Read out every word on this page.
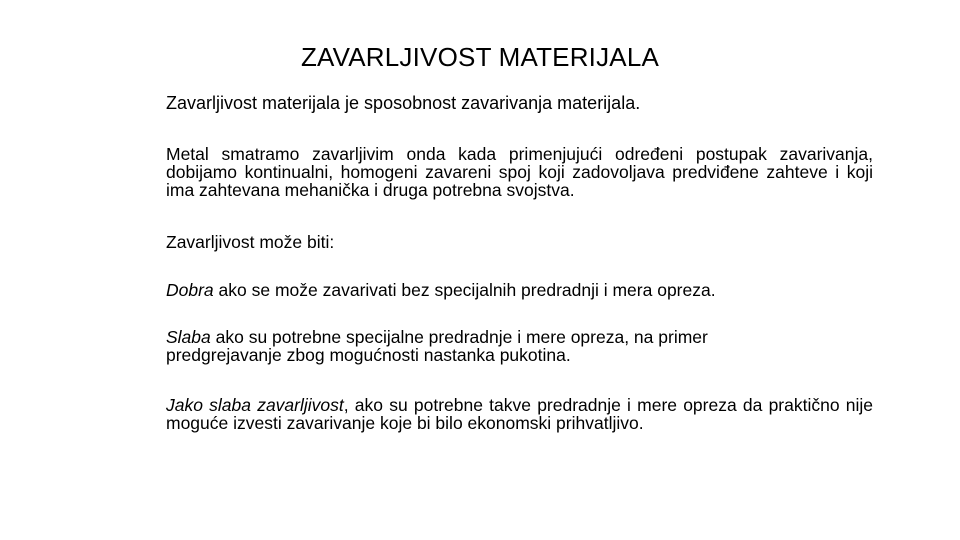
ZAVARLJIVOST MATERIJALA

Zavarljivost materijala je sposobnost zavarivanja materijala.

Metal smatramo zavarljivim onda kada primenjujući određeni postupak zavarivanja, dobijamo kontinualni, homogeni zavareni spoj koji zadovoljava predviđene zahteve i koji ima zahtevana mehanička i druga potrebna svojstva.

Zavarljivost može biti:

Dobra ako se može zavarivati bez specijalnih predradnji i mera opreza.

Slaba ako su potrebne specijalne predradnje i mere opreza, na primer predgrejavanje zbog mogućnosti nastanka pukotina.

Jako slaba zavarljivost, ako su potrebne takve predradnje i mere opreza da praktično nije moguće izvesti zavarivanje koje bi bilo ekonomski prihvatljivo.
